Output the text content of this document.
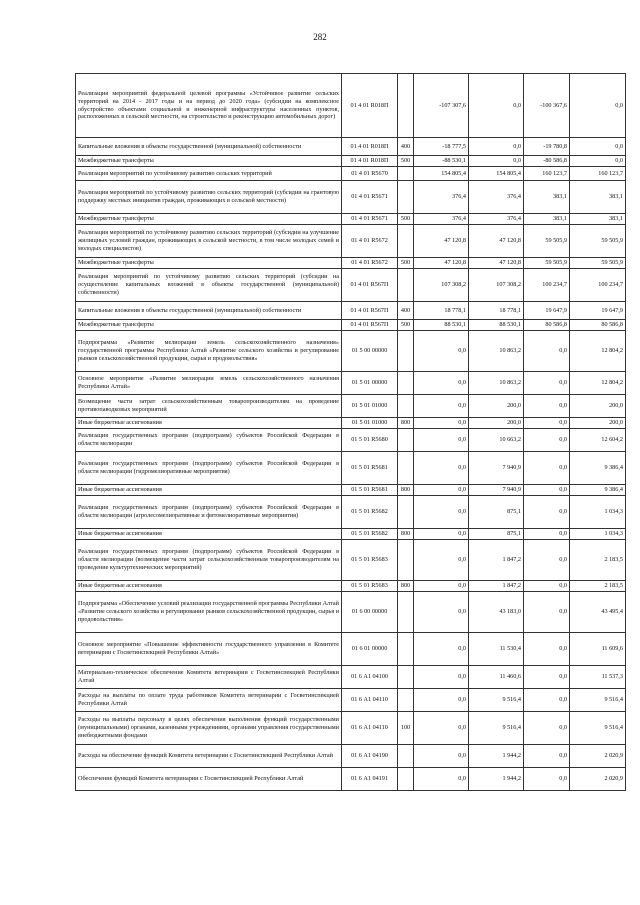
282
Реализация мероприятий федеральной целевой программы «Устойчивое развитие сельских территорий на 2014 - 2017 годы и на период до 2020 года» (субсидии на комплексное обустройство объектами социальной и инженерной инфраструктуры населенных пунктов, расположенных в сельской местности, на строительство и реконструкцию автомобильных дорог)	01 4 01 R018П		-107 307,6	0,0	-100 367,6	0,0
Капитальные вложения в объекты государственной (муниципальной) собственности	01 4 01 R018П	400	-18 777,5	0,0	-19 780,8	0,0
Межбюджетные трансферты	01 4 01 R018П	500	-88 530,1	0,0	-80 586,8	0,0
Реализация мероприятий по устойчивому развитию сельских территорий	01 4 01 R5670		154 805,4	154 805,4	160 123,7	160 123,7
Реализация мероприятий по устойчивому развитию сельских территорий (субсидии на грантовую поддержку местных инициатив граждан, проживающих в сельской местности)	01 4 01 R5671		376,4	376,4	383,1	383,1
Межбюджетные трансферты	01 4 01 R5671	500	376,4	376,4	383,1	383,1
Реализация мероприятий по устойчивому развитию сельских территорий (субсидии на улучшение жилищных условий граждан, проживающих в сельской местности, в том числе молодых семей и молодых специалистов)	01 4 01 R5672		47 120,8	47 120,8	59 505,9	59 505,9
Межбюджетные трансферты	01 4 01 R5672	500	47 120,8	47 120,8	59 505,9	59 505,9
Реализация мероприятий по устойчивому развитию сельских территорий (субсидии на осуществление капитальных вложений в объекты государственной (муниципальной) собственности)	01 4 01 R567П		107 308,2	107 308,2	100 234,7	100 234,7
Капитальные вложения в объекты государственной (муниципальной) собственности	01 4 01 R567П	400	18 778,1	18 778,1	19 647,9	19 647,9
Межбюджетные трансферты	01 4 01 R567П	500	88 530,1	88 530,1	80 586,8	80 586,8
Подпрограмма «Развитие мелиорации земель сельскохозяйственного назначения» государственной программы Республики Алтай «Развитие сельского хозяйства и регулирование рынков сельскохозяйственной продукции, сырья и продовольствия»	01 5 00 00000		0,0	10 863,2	0,0	12 804,2
Основное мероприятие «Развитие мелиорации земель сельскохозяйственного назначения Республики Алтай»	01 5 01 00000		0,0	10 863,2	0,0	12 804,2
Возмещение части затрат сельскохозяйственным товаропроизводителям на проведение противопаводковых мероприятий	01 5 01 01000		0,0	200,0	0,0	200,0
Иные бюджетные ассигнования	01 5 01 01000	800	0,0	200,0	0,0	200,0
Реализация государственных программ (подпрограмм) субъектов Российской Федерации в области мелиорации	01 5 01 R5680		0,0	10 663,2	0,0	12 604,2
Реализация государственных программ (подпрограмм) субъектов Российской Федерации в области мелиорации (гидромелиоративные мероприятия)	01 5 01 R5681		0,0	7 940,9	0,0	9 386,4
Иные бюджетные ассигнования	01 5 01 R5681	800	0,0	7 940,9	0,0	9 386,4
Реализация государственных программ (подпрограмм) субъектов Российской Федерации в области мелиорации (агролесомелиоративные и фитомелиоративные мероприятия)	01 5 01 R5682		0,0	875,1	0,0	1 034,3
Иные бюджетные ассигнования	01 5 01 R5682	800	0,0	875,1	0,0	1 034,3
Реализация государственных программ (подпрограмм) субъектов Российской Федерации в области мелиорации (возмещение части затрат сельскохозяйственным товаропроизводителям на проведение культуртехнических мероприятий)	01 5 01 R5683		0,0	1 847,2	0,0	2 183,5
Иные бюджетные ассигнования	01 5 01 R5683	800	0,0	1 847,2	0,0	2 183,5
Подпрограмма «Обеспечение условий реализации государственной программы Республики Алтай «Развитие сельского хозяйства и регулирование рынков сельскохозяйственной продукции, сырья и продовольствия»	01 6 00 00000		0,0	43 183,0	0,0	43 495,4
Основное мероприятие «Повышение эффективности государственного управления в Комитете ветеринарии с Госветинспекцией Республики Алтай»	01 6 01 00000		0,0	11 530,4	0,0	11 609,6
Материально-техническое обеспечение Комитета ветеринарии с Госветинспекцией Республики Алтай	01 6 А1 04100		0,0	11 460,6	0,0	11 537,3
Расходы на выплаты по оплате труда работников Комитета ветеринарии с Госветинспекцией Республики Алтай	01 6 А1 04110		0,0	9 516,4	0,0	9 516,4
Расходы на выплаты персоналу в целях обеспечения выполнения функций государственными (муниципальными) органами, казенными учреждениями, органами управления государственными внебюджетными фондами	01 6 А1 04110	100	0,0	9 516,4	0,0	9 516,4
Расходы на обеспечение функций Комитета ветеринарии с Госветинспекцией Республики Алтай	01 6 А1 04190		0,0	1 944,2	0,0	2 020,9
Обеспечение функций Комитета ветеринарии с Госветинспекцией Республики Алтай	01 6 А1 04191		0,0	1 944,2	0,0	2 020,9
